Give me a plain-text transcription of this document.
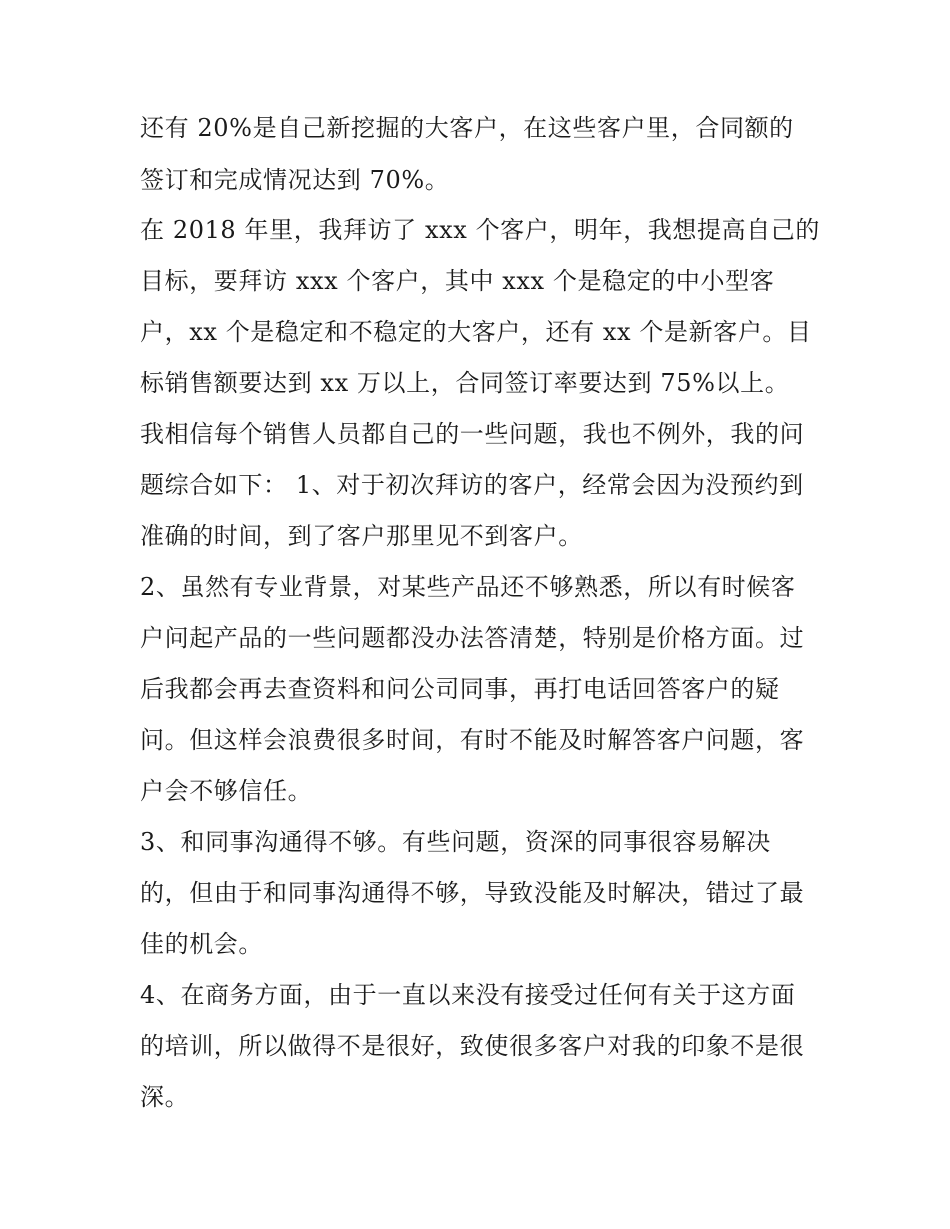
还有 20%是自己新挖掘的大客户，在这些客户里，合同额的
签订和完成情况达到 70%。
在 2018 年里，我拜访了 xxx 个客户，明年，我想提高自己的
目标，要拜访 xxx 个客户，其中 xxx 个是稳定的中小型客
户，xx 个是稳定和不稳定的大客户，还有 xx 个是新客户。目
标销售额要达到 xx 万以上，合同签订率要达到 75%以上。
我相信每个销售人员都自己的一些问题，我也不例外，我的问
题综合如下： 1、对于初次拜访的客户，经常会因为没预约到
准确的时间，到了客户那里见不到客户。
2、虽然有专业背景，对某些产品还不够熟悉，所以有时候客
户问起产品的一些问题都没办法答清楚，特别是价格方面。过
后我都会再去查资料和问公司同事，再打电话回答客户的疑
问。但这样会浪费很多时间，有时不能及时解答客户问题，客
户会不够信任。
3、和同事沟通得不够。有些问题，资深的同事很容易解决
的，但由于和同事沟通得不够，导致没能及时解决，错过了最
佳的机会。
4、在商务方面，由于一直以来没有接受过任何有关于这方面
的培训，所以做得不是很好，致使很多客户对我的印象不是很
深。
